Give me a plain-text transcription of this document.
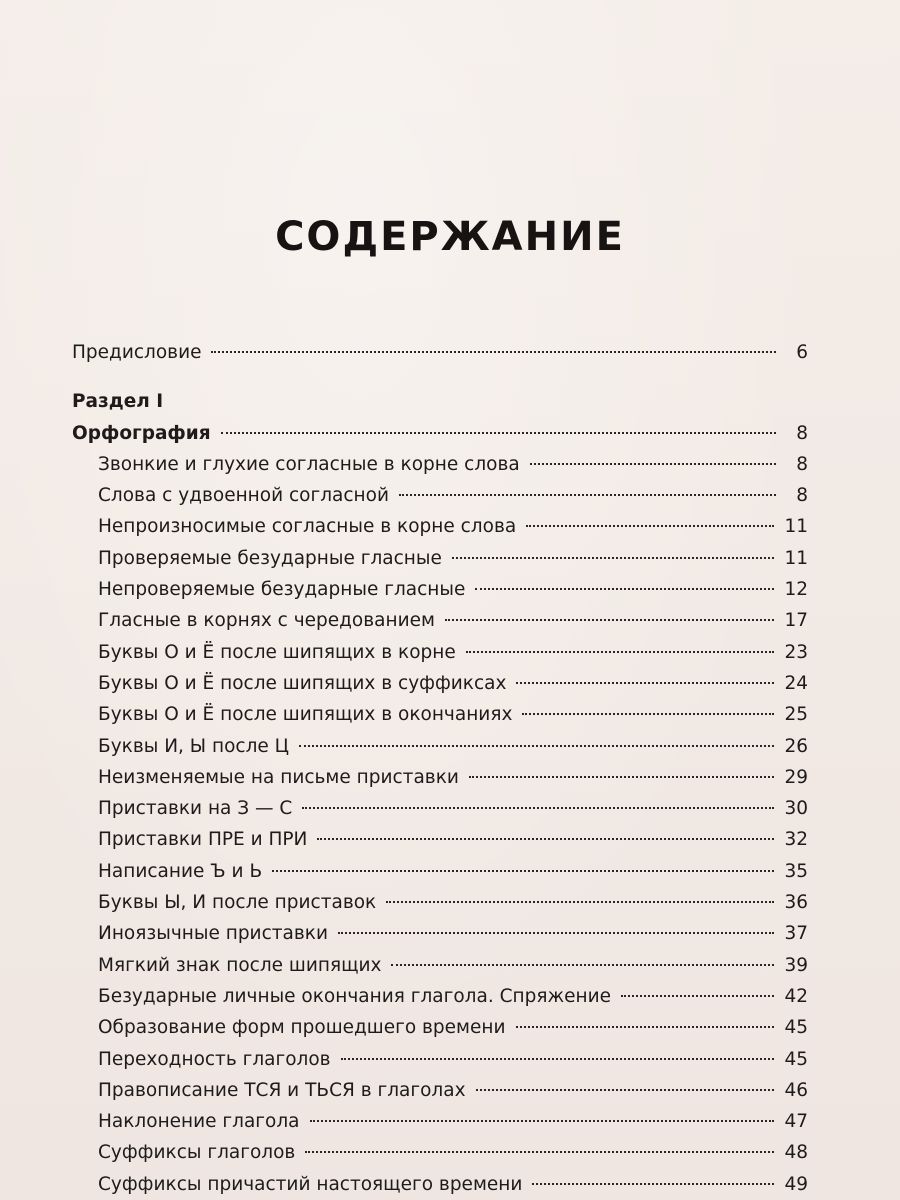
СОДЕРЖАНИЕ
Предисловие	6
Раздел I
Орфография	8
Звонкие и глухие согласные в корне слова	8
Слова с удвоенной согласной	8
Непроизносимые согласные в корне слова	11
Проверяемые безударные гласные	11
Непроверяемые безударные гласные	12
Гласные в корнях с чередованием	17
Буквы О и Ё после шипящих в корне	23
Буквы О и Ё после шипящих в суффиксах	24
Буквы О и Ё после шипящих в окончаниях	25
Буквы И, Ы после Ц	26
Неизменяемые на письме приставки	29
Приставки на З — С	30
Приставки ПРЕ и ПРИ	32
Написание Ъ и Ь	35
Буквы Ы, И после приставок	36
Иноязычные приставки	37
Мягкий знак после шипящих	39
Безударные личные окончания глагола. Спряжение	42
Образование форм прошедшего времени	45
Переходность глаголов	45
Правописание ТСЯ и ТЬСЯ в глаголах	46
Наклонение глагола	47
Суффиксы глаголов	48
Суффиксы причастий настоящего времени	49
